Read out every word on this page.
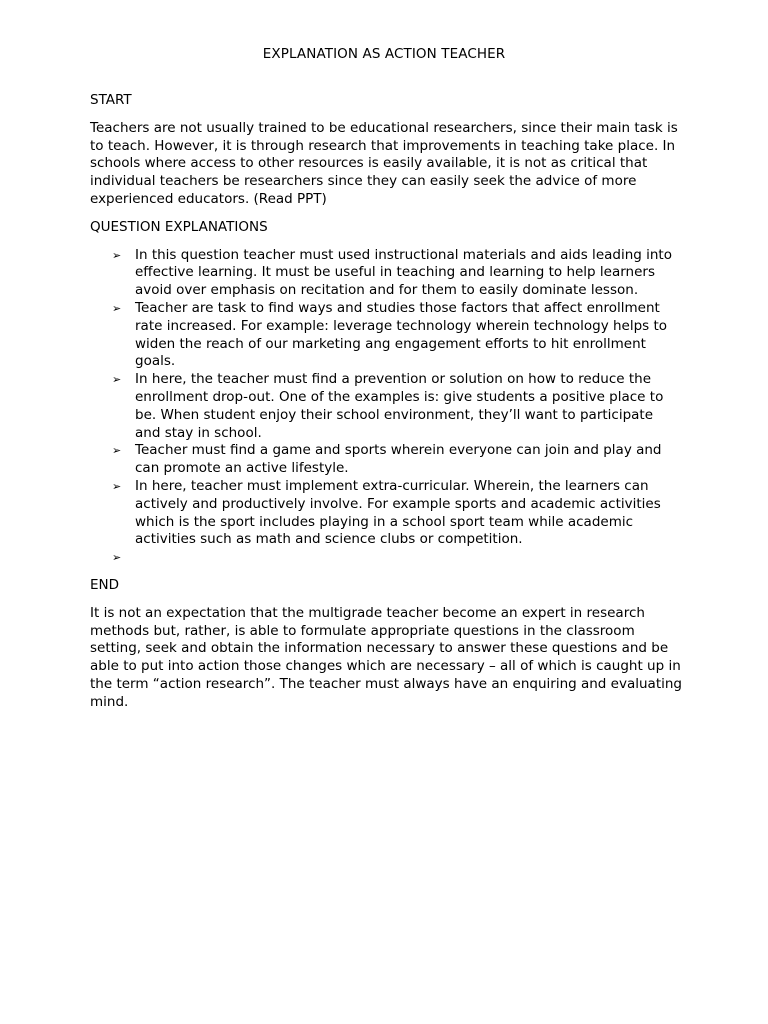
EXPLANATION AS ACTION TEACHER
START
Teachers are not usually trained to be educational researchers, since their main task is to teach. However, it is through research that improvements in teaching take place. In schools where access to other resources is easily available, it is not as critical that individual teachers be researchers since they can easily seek the advice of more experienced educators. (Read PPT)
QUESTION EXPLANATIONS
➢ In this question teacher must used instructional materials and aids leading into effective learning. It must be useful in teaching and learning to help learners avoid over emphasis on recitation and for them to easily dominate lesson.
➢ Teacher are task to find ways and studies those factors that affect enrollment rate increased. For example: leverage technology wherein technology helps to widen the reach of our marketing ang engagement efforts to hit enrollment goals.
➢ In here, the teacher must find a prevention or solution on how to reduce the enrollment drop-out. One of the examples is: give students a positive place to be. When student enjoy their school environment, they’ll want to participate and stay in school.
➢ Teacher must find a game and sports wherein everyone can join and play and can promote an active lifestyle.
➢ In here, teacher must implement extra-curricular. Wherein, the learners can actively and productively involve. For example sports and academic activities which is the sport includes playing in a school sport team while academic activities such as math and science clubs or competition.
➢
END
It is not an expectation that the multigrade teacher become an expert in research methods but, rather, is able to formulate appropriate questions in the classroom setting, seek and obtain the information necessary to answer these questions and be able to put into action those changes which are necessary – all of which is caught up in the term “action research”. The teacher must always have an enquiring and evaluating mind.
